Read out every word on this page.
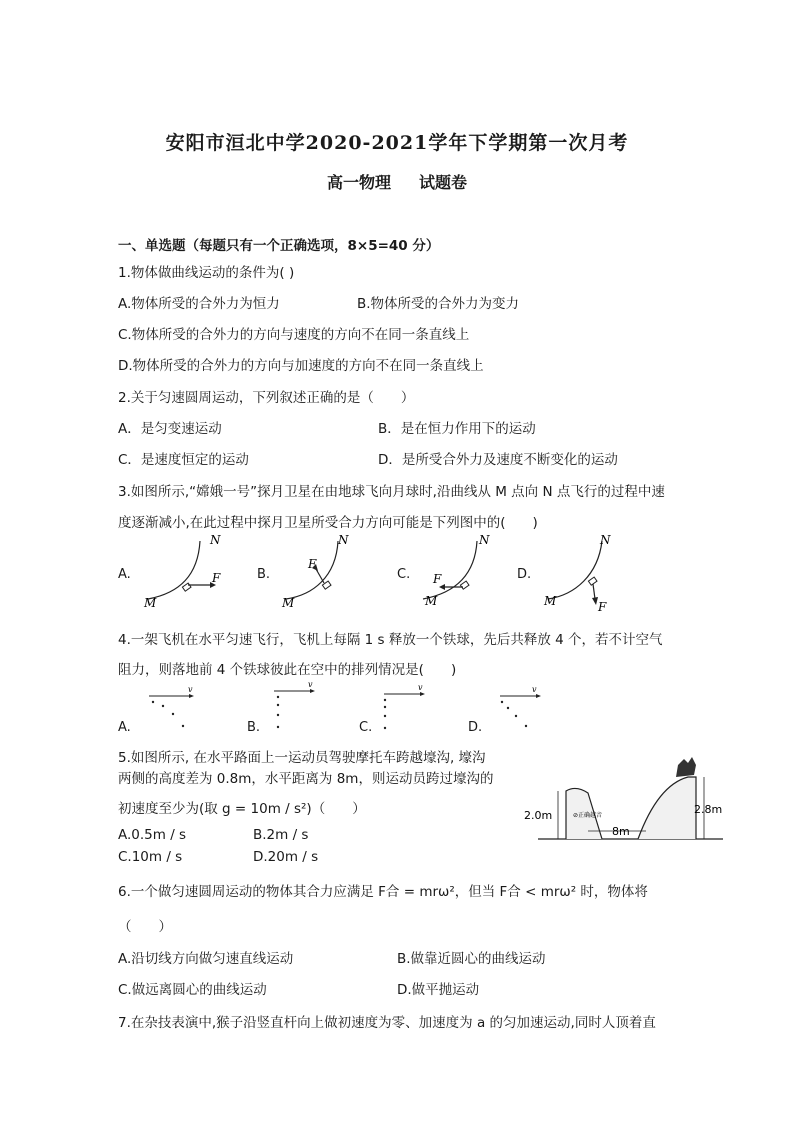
安阳市洹北中学2020-2021学年下学期第一次月考
高一物理 试题卷
一、单选题（每题只有一个正确选项，8×5=40 分）
1.物体做曲线运动的条件为( )
A.物体所受的合外力为恒力	B.物体所受的合外力为变力
C.物体所受的合外力的方向与速度的方向不在同一条直线上
D.物体所受的合外力的方向与加速度的方向不在同一条直线上
2.关于匀速圆周运动，下列叙述正确的是（　　）
A．是匀变速运动	B．是在恒力作用下的运动
C．是速度恒定的运动	D．是所受合外力及速度不断变化的运动
3.如图所示,“嫦娥一号”探月卫星在由地球飞向月球时,沿曲线从 M 点向 N 点飞行的过程中速
度逐渐减小,在此过程中探月卫星所受合力方向可能是下列图中的(　　)
A.
N
F
M
B.
N
F
M
C.
N
F
M
D.
N
F
M
4.一架飞机在水平匀速飞行，飞机上每隔 1 s 释放一个铁球，先后共释放 4 个，若不计空气
阻力，则落地前 4 个铁球彼此在空中的排列情况是(　　)
A.
v
B.
v
C.
v
D.
v
5.如图所示, 在水平路面上一运动员驾驶摩托车跨越壕沟, 壕沟
两侧的高度差为 0.8m，水平距离为 8m，则运动员跨过壕沟的
初速度至少为(取 g = 10m / s²)（　　）
A.0.5m / s	B.2m / s
C.10m / s	D.20m / s
2.0m	2.8m
8m
⊘正确越音
6.一个做匀速圆周运动的物体其合力应满足 F合 = mrω²，但当 F合 < mrω² 时，物体将
（　　）
A.沿切线方向做匀速直线运动	B.做靠近圆心的曲线运动
C.做远离圆心的曲线运动	D.做平抛运动
7.在杂技表演中,猴子沿竖直杆向上做初速度为零、加速度为 a 的匀加速运动,同时人顶着直
